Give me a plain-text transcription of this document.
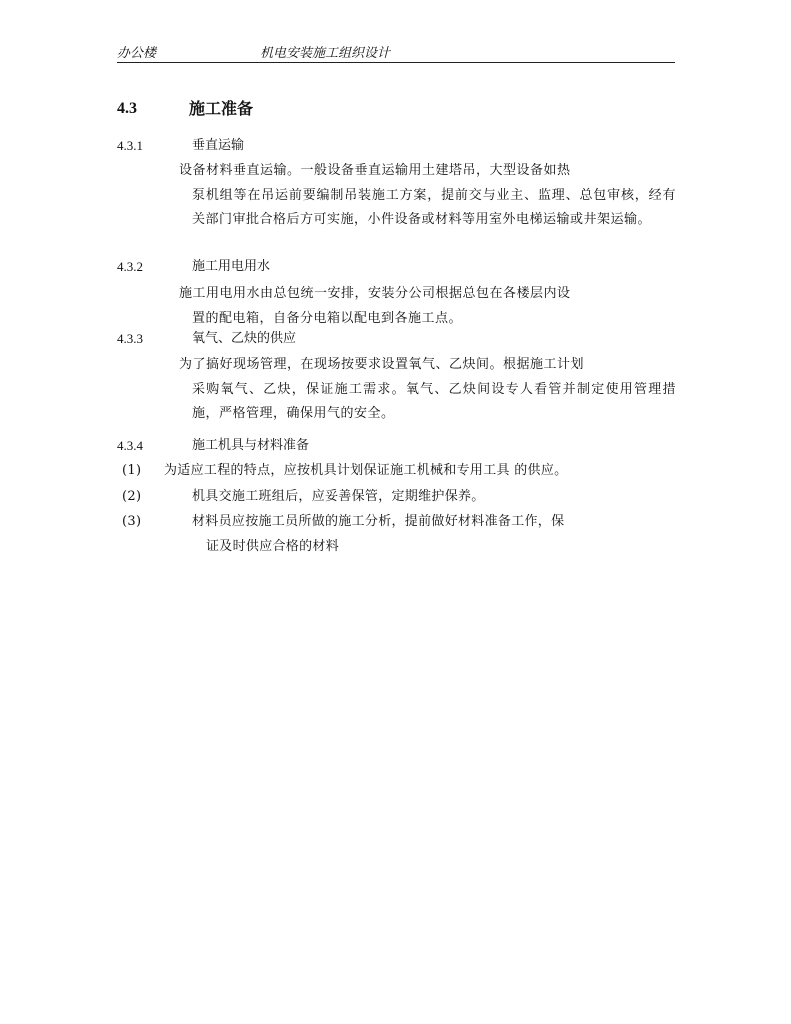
办公楼	机电安装施工组织设计
4.3	施工准备
4.3.1	垂直运输
设备材料垂直运输。一般设备垂直运输用土建塔吊，大型设备如热
泵机组等在吊运前要编制吊装施工方案，提前交与业主、监理、总包审核，经有关部门审批合格后方可实施，小件设备或材料等用室外电梯运输或井架运输。
4.3.2	施工用电用水
施工用电用水由总包统一安排，安装分公司根据总包在各楼层内设
置的配电箱，自备分电箱以配电到各施工点。
4.3.3	氧气、乙炔的供应
为了搞好现场管理，在现场按要求设置氧气、乙炔间。根据施工计划
采购氧气、乙炔，保证施工需求。氧气、乙炔间设专人看管并制定使用管理措施，严格管理，确保用气的安全。
4.3.4	施工机具与材料准备
(1) 为适应工程的特点，应按机具计划保证施工机械和专用工具 的供应。
(2)	机具交施工班组后，应妥善保管，定期维护保养。
(3)	材料员应按施工员所做的施工分析，提前做好材料准备工作，保
证及时供应合格的材料
